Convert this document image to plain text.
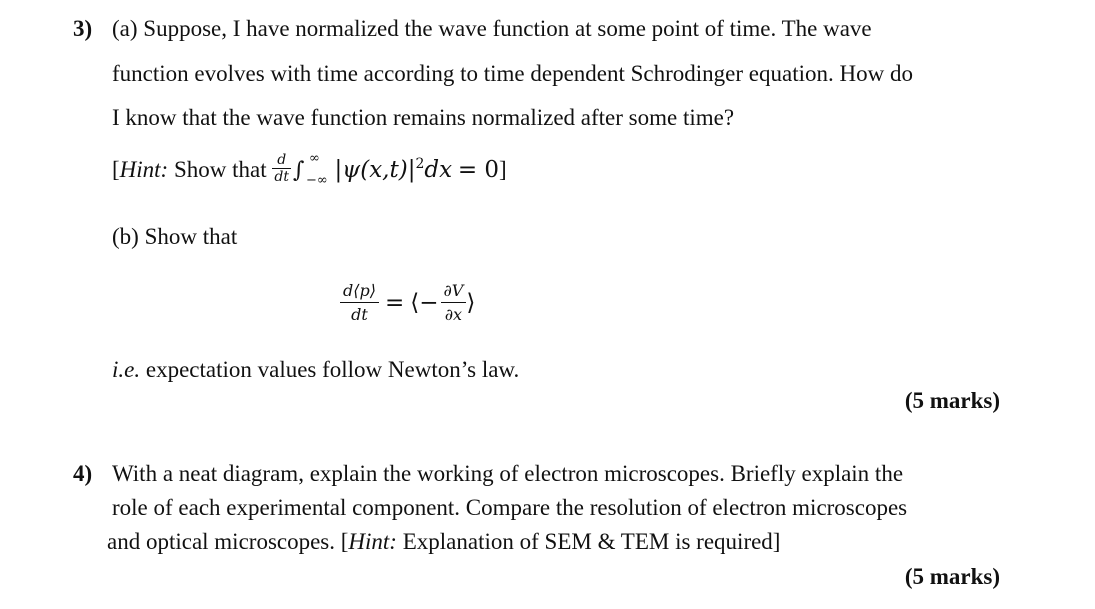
3) (a) Suppose, I have normalized the wave function at some point of time. The wave
function evolves with time according to time dependent Schrodinger equation. How do
I know that the wave function remains normalized after some time?
[Hint: Show that $\frac{d}{dt}$ ∫ ∞
−∞ $|\psi(x,t)|^2dx = 0$]
(b) Show that
$\frac{d⟨p⟩}{dt}$ = ⟨− $\frac{\partial V}{\partial x}$ ⟩
i.e. expectation values follow Newton’s law.
(5 marks)
4) With a neat diagram, explain the working of electron microscopes. Briefly explain the
role of each experimental component. Compare the resolution of electron microscopes
and optical microscopes. [Hint: Explanation of SEM & TEM is required]
(5 marks)
